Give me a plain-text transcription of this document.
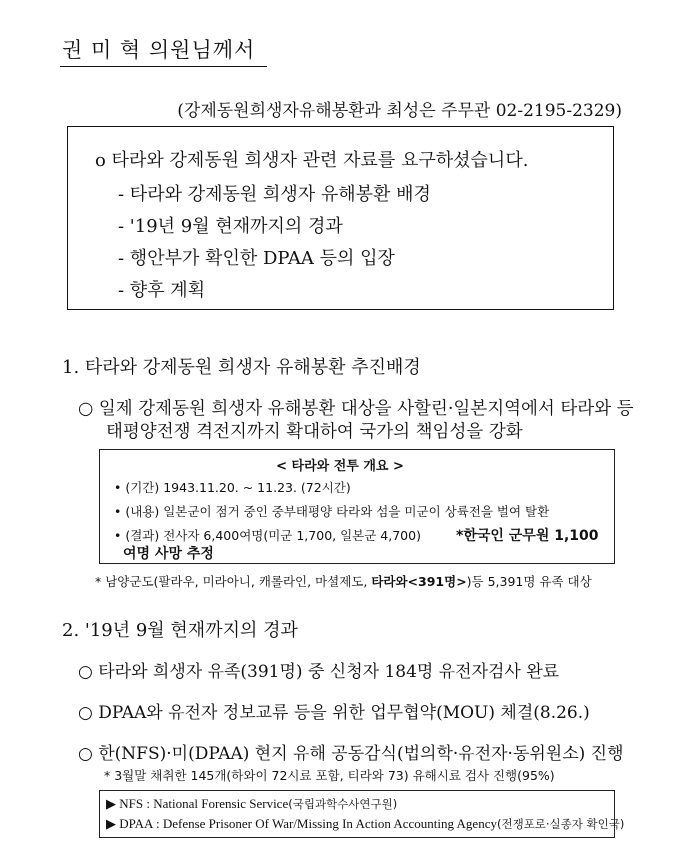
권 미 혁 의원님께서
(강제동원희생자유해봉환과 최성은 주무관 02-2195-2329)
o 타라와 강제동원 희생자 관련 자료를 요구하셨습니다.
- 타라와 강제동원 희생자 유해봉환 배경
- '19년 9월 현재까지의 경과
- 행안부가 확인한 DPAA 등의 입장
- 향후 계획
1. 타라와 강제동원 희생자 유해봉환 추진배경
○ 일제 강제동원 희생자 유해봉환 대상을 사할린·일본지역에서 타라와 등
태평양전쟁 격전지까지 확대하여 국가의 책임성을 강화
< 타라와 전투 개요 >
• (기간) 1943.11.20. ~ 11.23. (72시간)
• (내용) 일본군이 점거 중인 중부태평양 타라와 섬을 미군이 상륙전을 벌여 탈환
• (결과) 전사자 6,400여명(미군 1,700, 일본군 4,700)	*한국인 군무원 1,100
여명 사망 추정
* 남양군도(팔라우, 미라아니, 캐롤라인, 마셜제도, 타라와<391명>)등 5,391명 유족 대상
2. '19년 9월 현재까지의 경과
○ 타라와 희생자 유족(391명) 중 신청자 184명 유전자검사 완료
○ DPAA와 유전자 정보교류 등을 위한 업무협약(MOU) 체결(8.26.)
○ 한(NFS)·미(DPAA) 현지 유해 공동감식(법의학·유전자·동위원소) 진행
* 3월말 채취한 145개(하와이 72시료 포함, 티라와 73) 유해시료 검사 진행(95%)
▶ NFS : National Forensic Service(국립과학수사연구원)
▶ DPAA : Defense Prisoner Of War/Missing In Action Accounting Agency(전쟁포로·실종자 확인국)
